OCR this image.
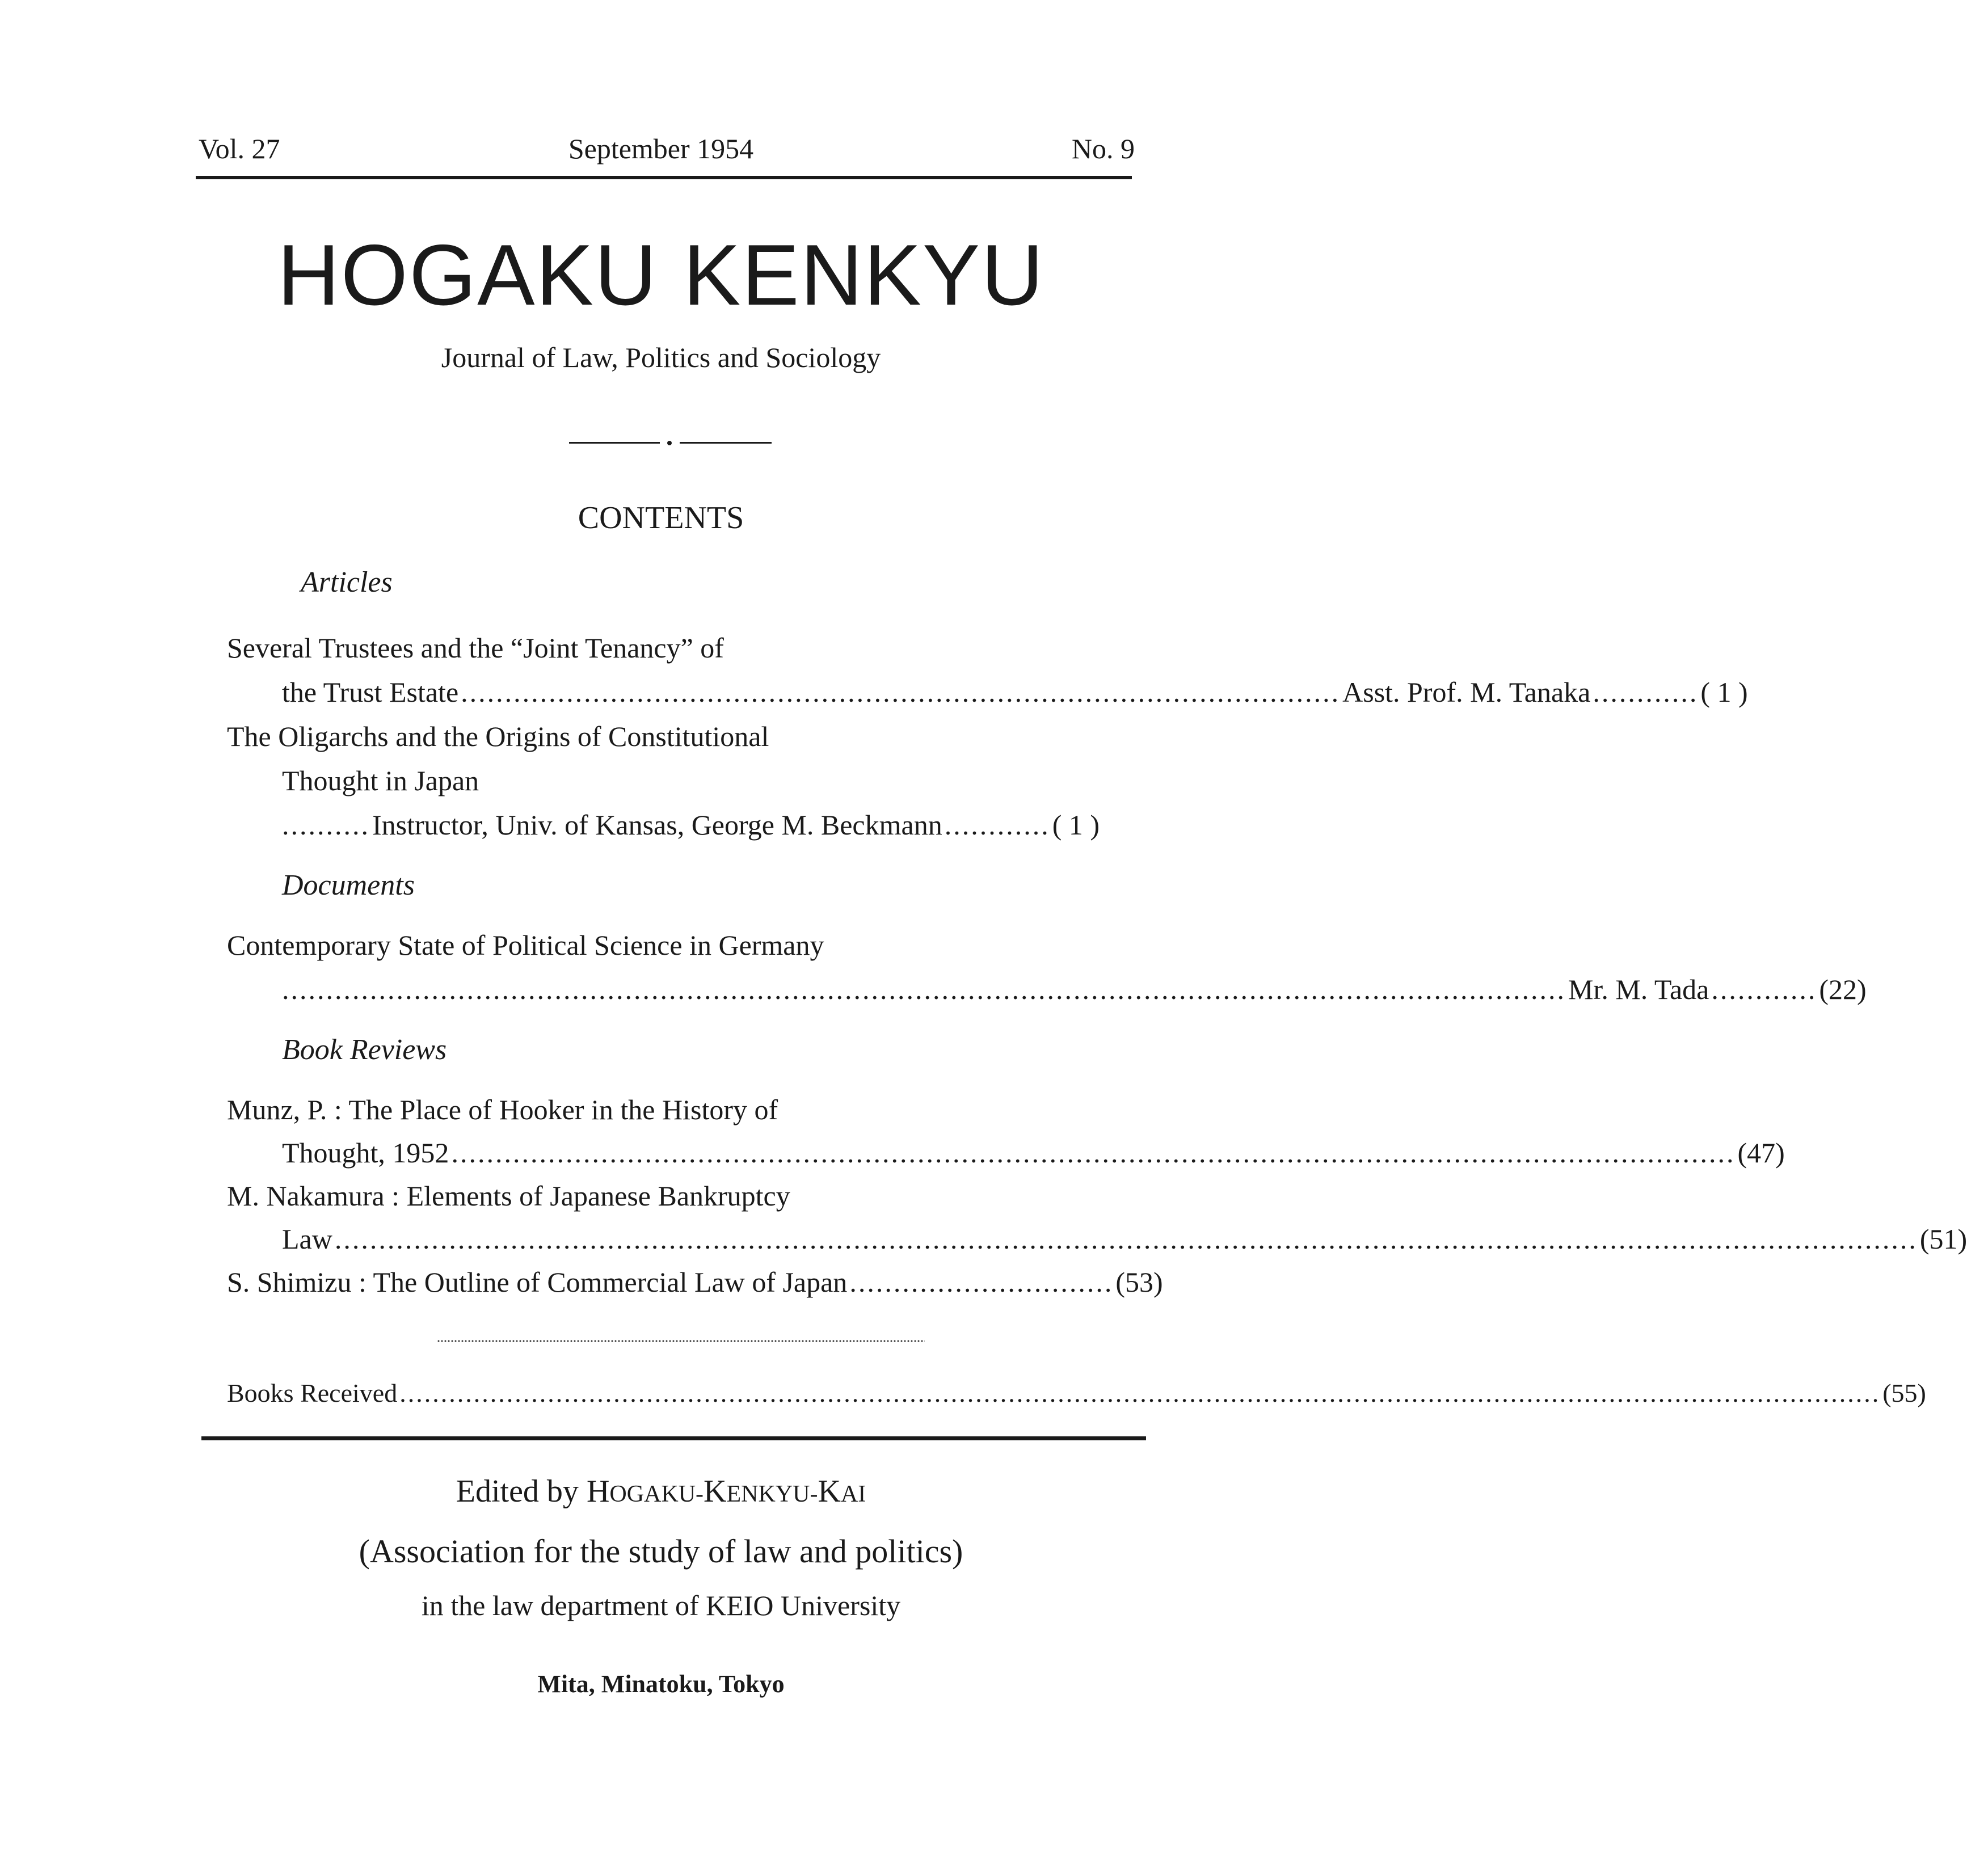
Vol. 27	September 1954	No. 9
HOGAKU KENKYU
Journal of Law, Politics and Sociology
CONTENTS
Articles
Several Trustees and the “Joint Tenancy” of
the Trust Estate .................................................................................................... Asst. Prof. M. Tanaka ............ ( 1 )
The Oligarchs and the Origins of Constitutional
Thought in Japan
.......... Instructor, Univ. of Kansas, George M. Beckmann ............ ( 1 )
Documents
Contemporary State of Political Science in Germany
.................................................................................................................................................. Mr. M. Tada ............ (22)
Book Reviews
Munz, P. : The Place of Hooker in the History of
Thought, 1952 .................................................................................................................................................. (47)
M. Nakamura : Elements of Japanese Bankruptcy
Law .................................................................................................................................................................................... (51)
S. Shimizu : The Outline of Commercial Law of Japan .............................. (53)
Books Received .................................................................................................................................................................................... (55)
Edited by HOGAKU-KENKYU-KAI
(Association for the study of law and politics)
in the law department of KEIO University
Mita, Minatoku, Tokyo
